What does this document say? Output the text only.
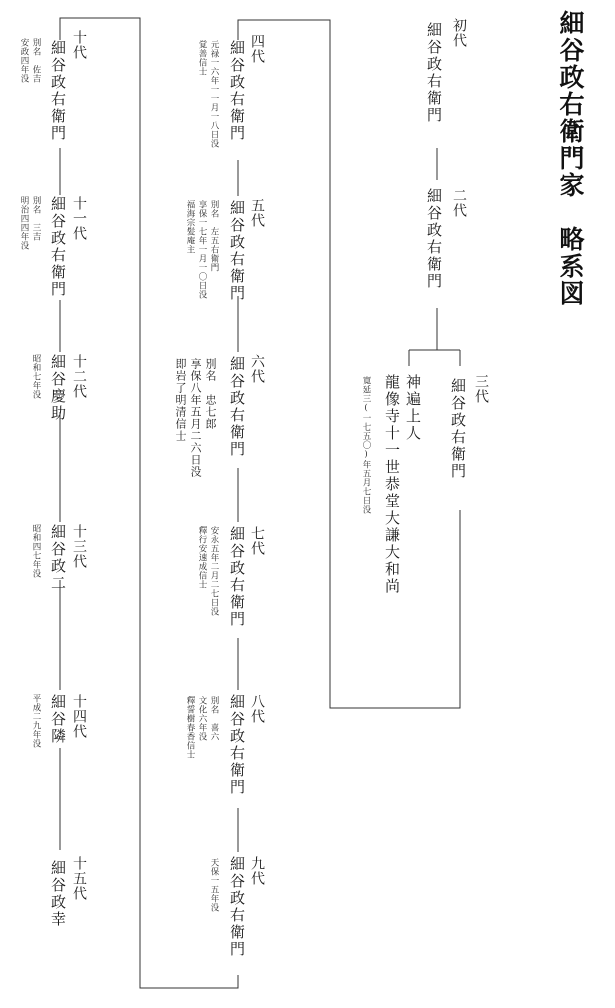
細谷政右衛門家　略系図
初代
細谷政右衛門
二代
細谷政右衛門
三代
細谷政右衛門
神遍上人
龍像寺十一世恭堂大謙大和尚
寛延三(一七五〇)年五月七日没
四代
細谷政右衛門
元禄一六年一一月一八日没
覚善信士
五代
細谷政右衛門
別名　左五右衛門
享保一七年一月一〇日没
福海宗髪庵主
六代
細谷政右衛門
別名　忠七郎
享保八年五月二六日没
即岩了明清信士
七代
細谷政右衛門
安永五年二月二七日没
釋行安速成信士
八代
細谷政右衛門
別名　喜六
文化六年没
釋誓樹春香信士
九代
細谷政右衛門
天保一五年没
十代
細谷政右衛門
別名　佐吉
安政四年没
十一代
細谷政右衛門
別名　三吉
明治四四年没
十二代
細谷慶助
昭和七年没
十三代
細谷政二
昭和四七年没
十四代
細谷隣
平成二九年没
十五代
細谷政幸
